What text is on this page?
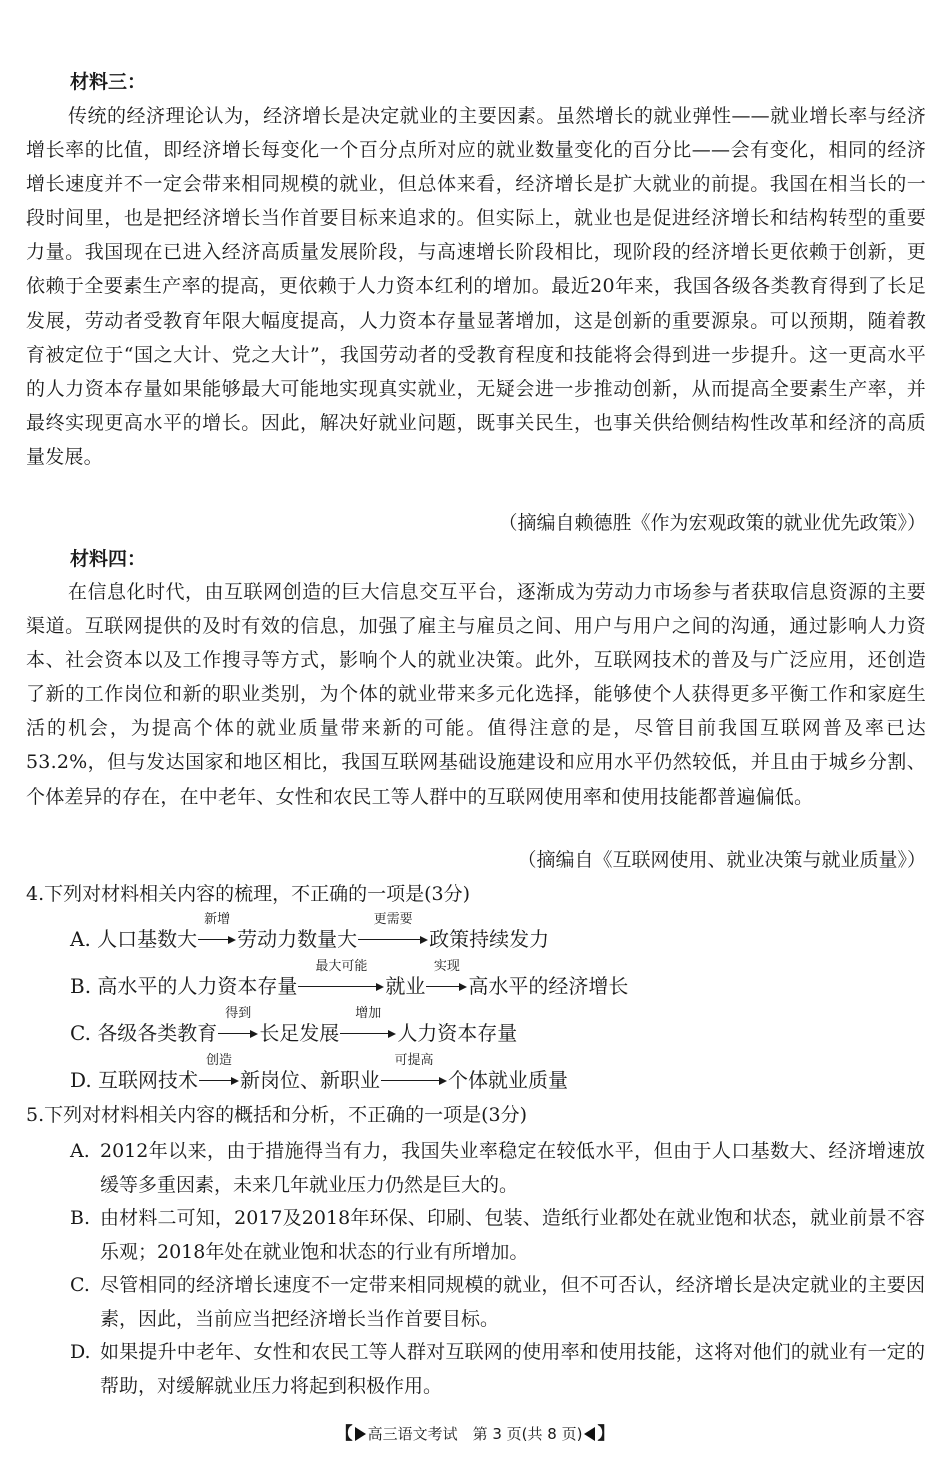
材料三：

传统的经济理论认为，经济增长是决定就业的主要因素。虽然增长的就业弹性——就业增长率与经济增长率的比值，即经济增长每变化一个百分点所对应的就业数量变化的百分比——会有变化，相同的经济增长速度并不一定会带来相同规模的就业，但总体来看，经济增长是扩大就业的前提。我国在相当长的一段时间里，也是把经济增长当作首要目标来追求的。但实际上，就业也是促进经济增长和结构转型的重要力量。我国现在已进入经济高质量发展阶段，与高速增长阶段相比，现阶段的经济增长更依赖于创新，更依赖于全要素生产率的提高，更依赖于人力资本红利的增加。最近20年来，我国各级各类教育得到了长足发展，劳动者受教育年限大幅度提高，人力资本存量显著增加，这是创新的重要源泉。可以预期，随着教育被定位于“国之大计、党之大计”，我国劳动者的受教育程度和技能将会得到进一步提升。这一更高水平的人力资本存量如果能够最大可能地实现真实就业，无疑会进一步推动创新，从而提高全要素生产率，并最终实现更高水平的增长。因此，解决好就业问题，既事关民生，也事关供给侧结构性改革和经济的高质量发展。

（摘编自赖德胜《作为宏观政策的就业优先政策》）
材料四：

在信息化时代，由互联网创造的巨大信息交互平台，逐渐成为劳动力市场参与者获取信息资源的主要渠道。互联网提供的及时有效的信息，加强了雇主与雇员之间、用户与用户之间的沟通，通过影响人力资本、社会资本以及工作搜寻等方式，影响个人的就业决策。此外，互联网技术的普及与广泛应用，还创造了新的工作岗位和新的职业类别，为个体的就业带来多元化选择，能够使个人获得更多平衡工作和家庭生活的机会，为提高个体的就业质量带来新的可能。值得注意的是，尽管目前我国互联网普及率已达53.2%，但与发达国家和地区相比，我国互联网基础设施建设和应用水平仍然较低，并且由于城乡分割、个体差异的存在，在中老年、女性和农民工等人群中的互联网使用率和使用技能都普遍偏低。

（摘编自《互联网使用、就业决策与就业质量》）
4.下列对材料相关内容的梳理，不正确的一项是(3分)
A. 人口基数大
新增
劳动力数量大
更需要
政策持续发力
B. 高水平的人力资本存量
最大可能
就业
实现
高水平的经济增长
C. 各级各类教育
得到
长足发展
增加
人力资本存量
D. 互联网技术
创造
新岗位、新职业
可提高
个体就业质量
5.下列对材料相关内容的概括和分析，不正确的一项是(3分)
A. 2012年以来，由于措施得当有力，我国失业率稳定在较低水平，但由于人口基数大、经济增速放缓等多重因素，未来几年就业压力仍然是巨大的。
B. 由材料二可知，2017及2018年环保、印刷、包装、造纸行业都处在就业饱和状态，就业前景不容乐观；2018年处在就业饱和状态的行业有所增加。
C. 尽管相同的经济增长速度不一定带来相同规模的就业，但不可否认，经济增长是决定就业的主要因素，因此，当前应当把经济增长当作首要目标。
D. 如果提升中老年、女性和农民工等人群对互联网的使用率和使用技能，这将对他们的就业有一定的帮助，对缓解就业压力将起到积极作用。
【 高三语文考试　第 3 页(共 8 页) 】
